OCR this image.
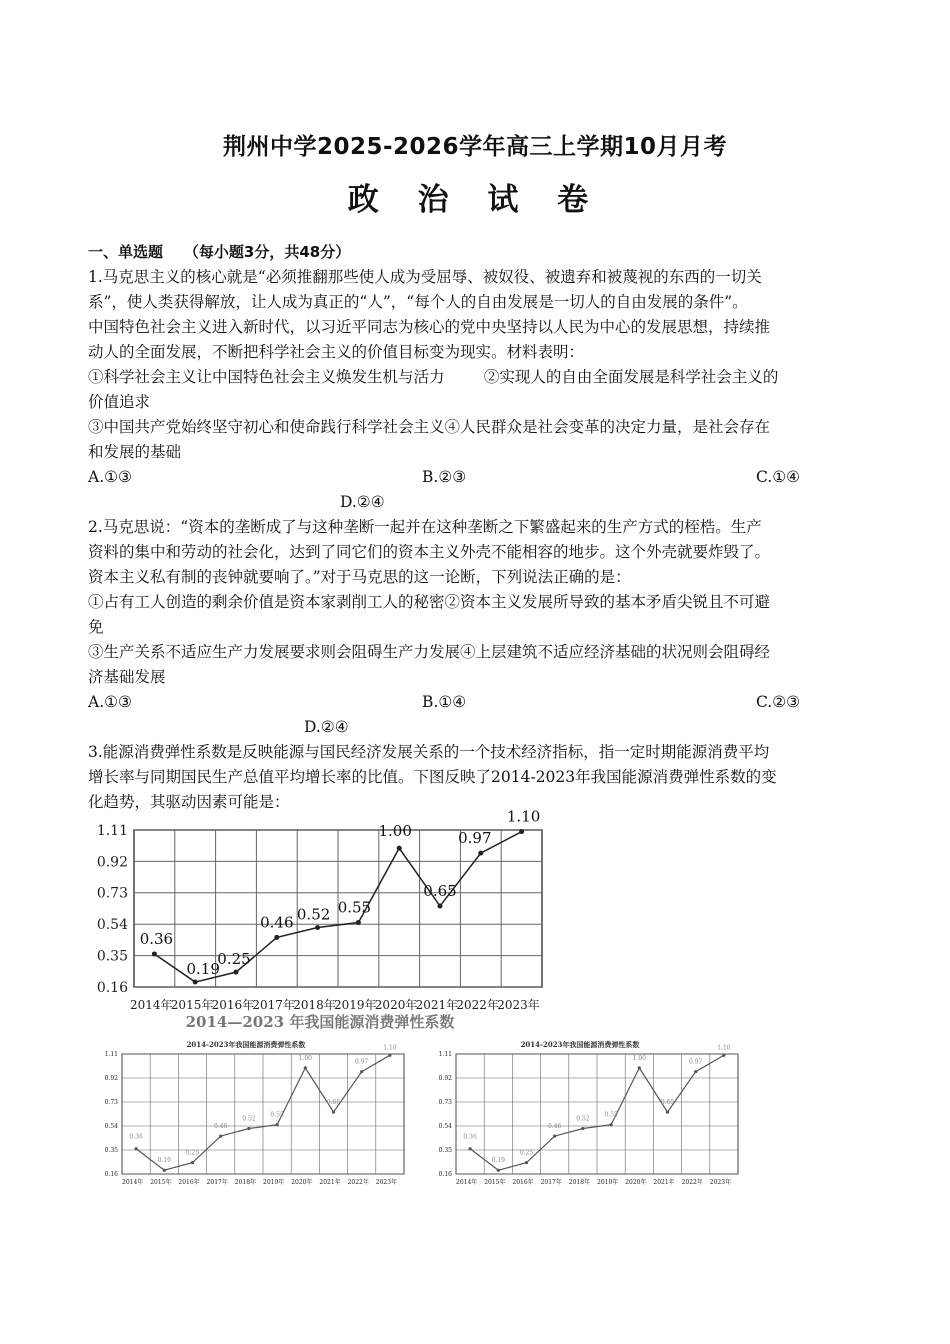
荆州中学2025-2026学年高三上学期10月月考
政 治 试 卷
一、单选题    （每小题3分，共48分）

1.马克思主义的核心就是“必须推翻那些使人成为受屈辱、被奴役、被遗弃和被蔑视的东西的一切关

系”，使人类获得解放，让人成为真正的“人”，“每个人的自由发展是一切人的自由发展的条件”。

中国特色社会主义进入新时代，以习近平同志为核心的党中央坚持以人民为中心的发展思想，持续推

动人的全面发展，不断把科学社会主义的价值目标变为现实。材料表明：

①科学社会主义让中国特色社会主义焕发生机与活力        ②实现人的自由全面发展是科学社会主义的

价值追求

③中国共产党始终坚守初心和使命践行科学社会主义④人民群众是社会变革的决定力量，是社会存在

和发展的基础

A.①③	B.②③	C.①④
D.②④

2.马克思说：“资本的垄断成了与这种垄断一起并在这种垄断之下繁盛起来的生产方式的桎梏。生产

资料的集中和劳动的社会化，达到了同它们的资本主义外壳不能相容的地步。这个外壳就要炸毁了。

资本主义私有制的丧钟就要响了。”对于马克思的这一论断，下列说法正确的是：

①占有工人创造的剩余价值是资本家剥削工人的秘密②资本主义发展所导致的基本矛盾尖锐且不可避

免

③生产关系不适应生产力发展要求则会阻碍生产力发展④上层建筑不适应经济基础的状况则会阻碍经

济基础发展

A.①③	B.①④	C.②③
D.②④

3.能源消费弹性系数是反映能源与国民经济发展关系的一个技术经济指标，指一定时期能源消费平均

增长率与同期国民生产总值平均增长率的比值。下图反映了2014-2023年我国能源消费弹性系数的变

化趋势，其驱动因素可能是：

0.16
0.35
0.54
0.73
0.92
1.11
2014年
2015年
2016年
2017年
2018年
2019年
2020年
2021年
2022年
2023年
0.36
0.19
0.25
0.46 0.52 0.55
1.00
0.65
0.97
1.10
2014—2023 年我国能源消费弹性系数
0.16
0.35
0.54
0.73
0.92
1.11
2014年 2015年 2016年 2017年 2018年 2019年 2020年 2021年 2022年 2023年
0.36
0.19
0.25
0.46
0.52
0.55
1.00
0.65
0.97
1.10
2014-2023年我国能源消费弹性系数
0.16
0.35
0.54
0.73
0.92
1.11
2014年 2015年 2016年 2017年 2018年 2019年 2020年 2021年 2022年 2023年
0.36
0.19
0.25
0.46
0.52
0.55
1.00
0.65
0.97
1.10
2014-2023年我国能源消费弹性系数
